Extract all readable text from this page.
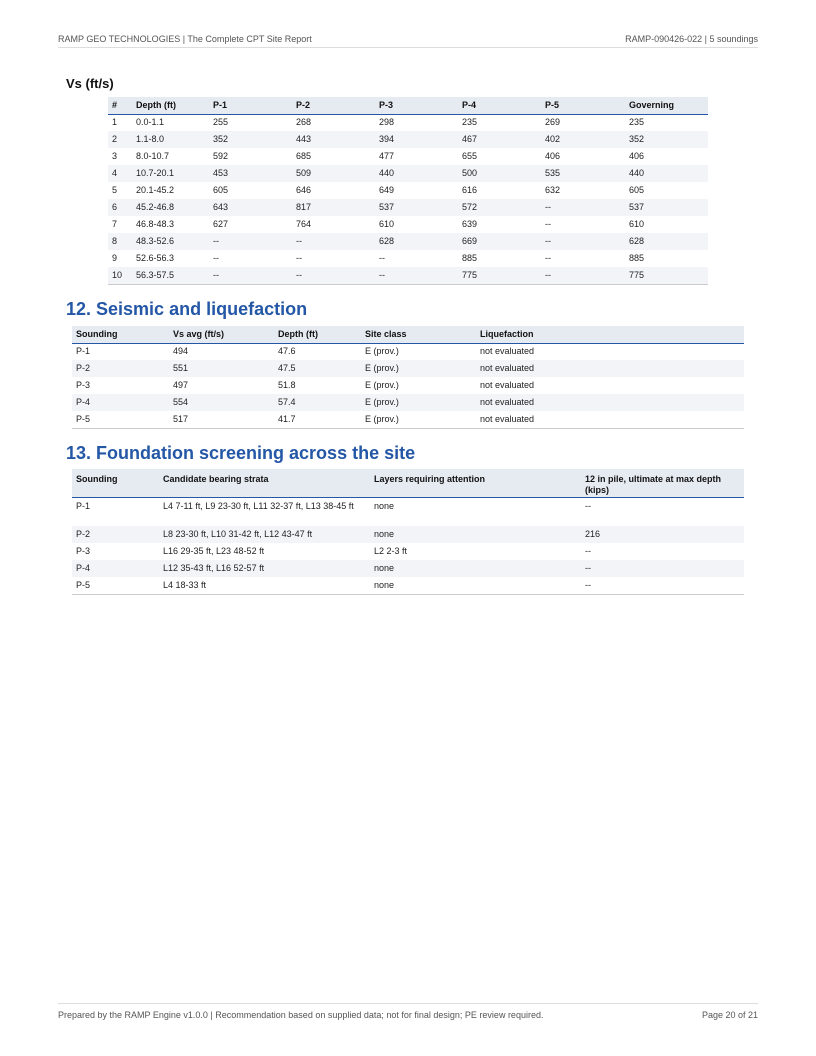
RAMP GEO TECHNOLOGIES | The Complete CPT Site Report	RAMP-090426-022 | 5 soundings
Vs (ft/s)
#	Depth (ft)	P-1	P-2	P-3	P-4	P-5	Governing
1	0.0-1.1	255	268	298	235	269	235
2	1.1-8.0	352	443	394	467	402	352
3	8.0-10.7	592	685	477	655	406	406
4	10.7-20.1	453	509	440	500	535	440
5	20.1-45.2	605	646	649	616	632	605
6	45.2-46.8	643	817	537	572	--	537
7	46.8-48.3	627	764	610	639	--	610
8	48.3-52.6	--	--	628	669	--	628
9	52.6-56.3	--	--	--	885	--	885
10	56.3-57.5	--	--	--	775	--	775
12. Seismic and liquefaction
Sounding	Vs avg (ft/s)	Depth (ft)	Site class	Liquefaction
P-1	494	47.6	E (prov.)	not evaluated
P-2	551	47.5	E (prov.)	not evaluated
P-3	497	51.8	E (prov.)	not evaluated
P-4	554	57.4	E (prov.)	not evaluated
P-5	517	41.7	E (prov.)	not evaluated
13. Foundation screening across the site
Sounding	Candidate bearing strata	Layers requiring attention	12 in pile, ultimate at max depth (kips)
P-1	L4 7-11 ft, L9 23-30 ft, L11 32-37 ft, L13 38-45 ft	none	--
P-2	L8 23-30 ft, L10 31-42 ft, L12 43-47 ft	none	216
P-3	L16 29-35 ft, L23 48-52 ft	L2 2-3 ft	--
P-4	L12 35-43 ft, L16 52-57 ft	none	--
P-5	L4 18-33 ft	none	--
Prepared by the RAMP Engine v1.0.0 | Recommendation based on supplied data; not for final design; PE review required.	Page 20 of 21
